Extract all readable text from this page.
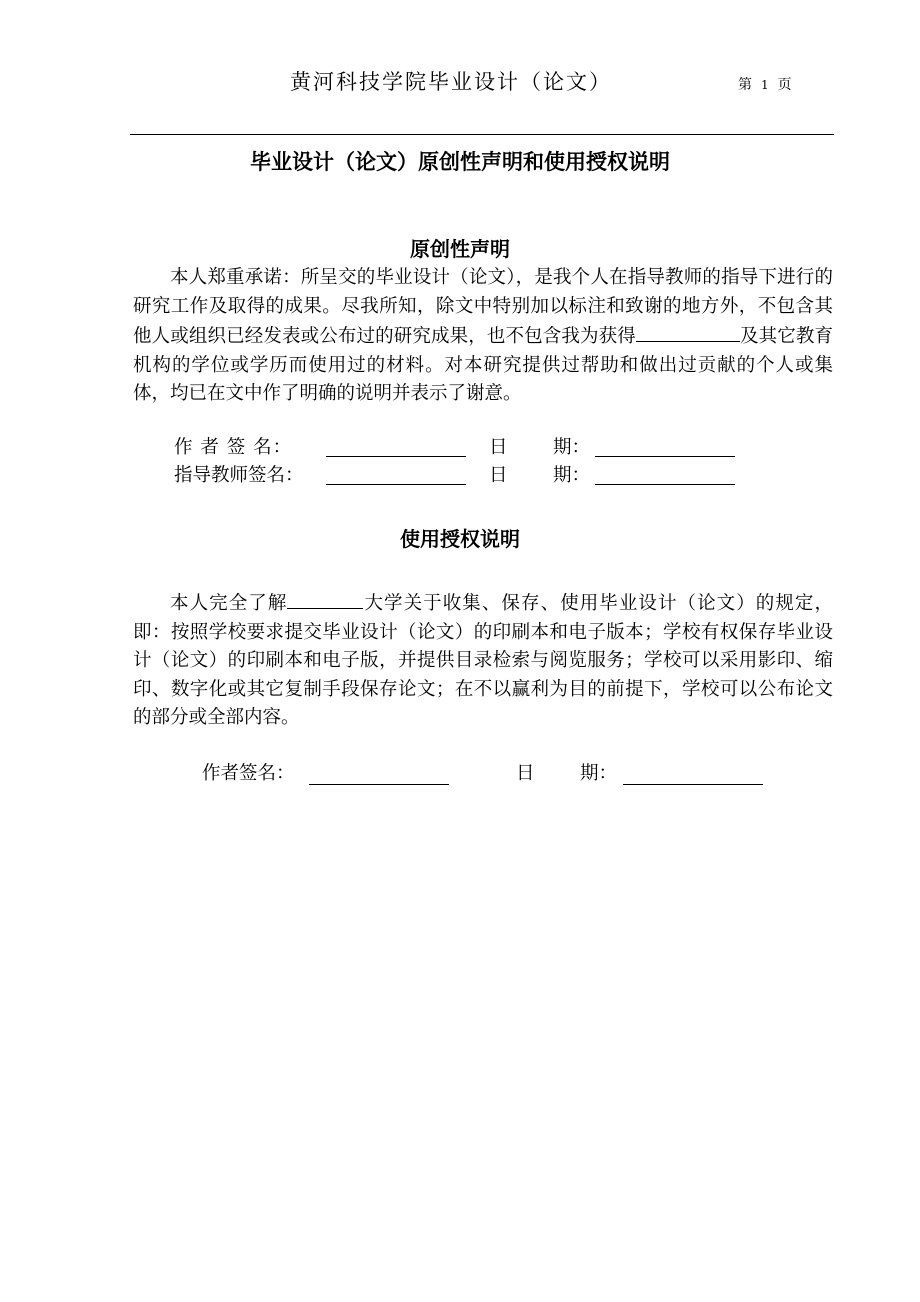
黄河科技学院毕业设计（论文）	第 1 页
毕业设计（论文）原创性声明和使用授权说明
原创性声明
本人郑重承诺：所呈交的毕业设计（论文），是我个人在指导教师的指导下进行的研究工作及取得的成果。尽我所知，除文中特别加以标注和致谢的地方外，不包含其他人或组织已经发表或公布过的研究成果，也不包含我为获得	及其它教育机构的学位或学历而使用过的材料。对本研究提供过帮助和做出过贡献的个人或集体，均已在文中作了明确的说明并表示了谢意。
作 者 签 名：	日 期：
指导教师签名：	日 期：
使用授权说明
本人完全了解	大学关于收集、保存、使用毕业设计（论文）的规定，即：按照学校要求提交毕业设计（论文）的印刷本和电子版本；学校有权保存毕业设计（论文）的印刷本和电子版，并提供目录检索与阅览服务；学校可以采用影印、缩印、数字化或其它复制手段保存论文；在不以赢利为目的前提下，学校可以公布论文的部分或全部内容。
作者签名：	日 期：
